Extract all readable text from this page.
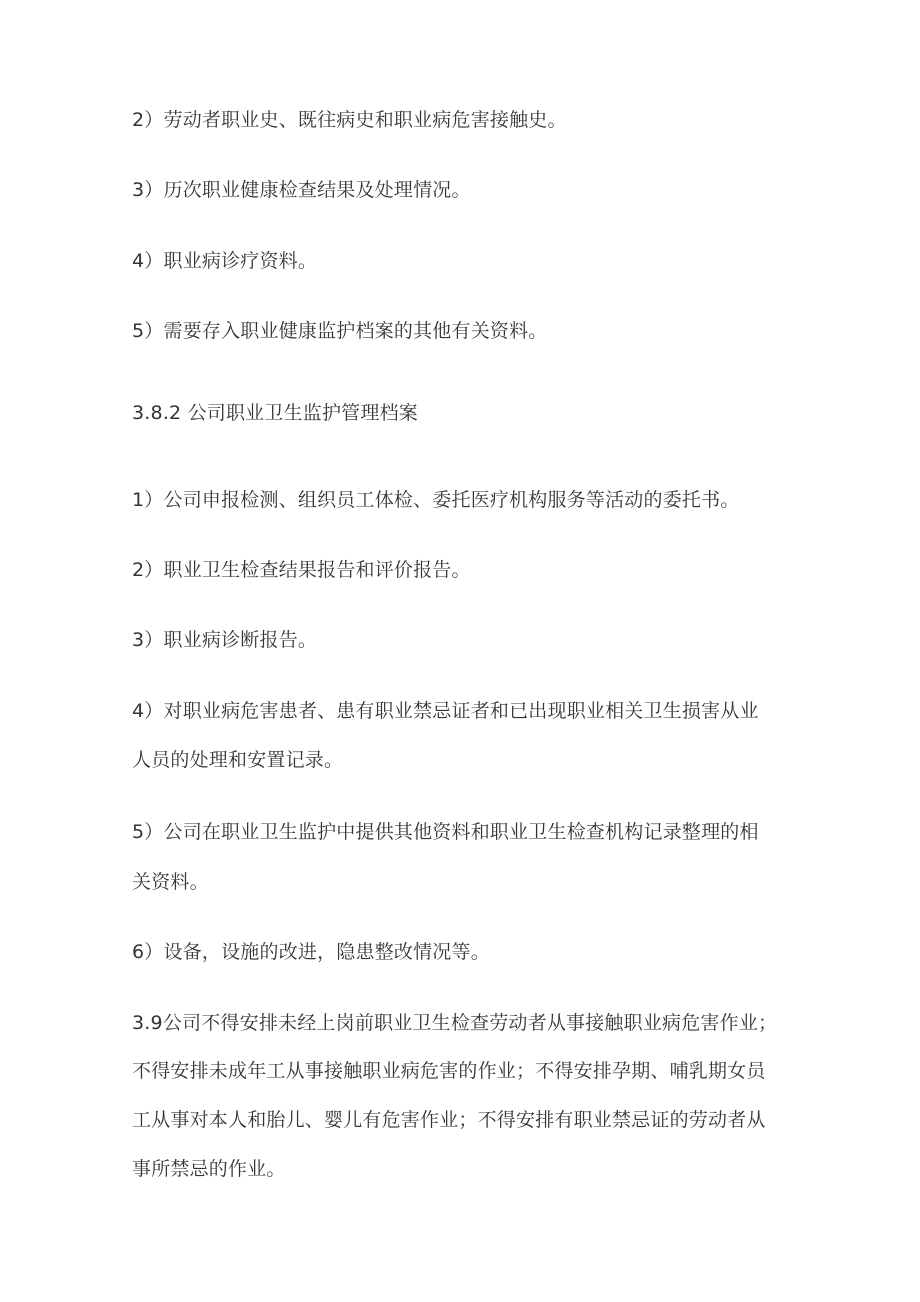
2）劳动者职业史、既往病史和职业病危害接触史。
3）历次职业健康检查结果及处理情况。
4）职业病诊疗资料。
5）需要存入职业健康监护档案的其他有关资料。
3.8.2 公司职业卫生监护管理档案
1）公司申报检测、组织员工体检、委托医疗机构服务等活动的委托书。
2）职业卫生检查结果报告和评价报告。
3）职业病诊断报告。
4）对职业病危害患者、患有职业禁忌证者和已出现职业相关卫生损害从业
人员的处理和安置记录。
5）公司在职业卫生监护中提供其他资料和职业卫生检查机构记录整理的相
关资料。
6）设备，设施的改进，隐患整改情况等。
3.9公司不得安排未经上岗前职业卫生检查劳动者从事接触职业病危害作业；
不得安排未成年工从事接触职业病危害的作业；不得安排孕期、哺乳期女员
工从事对本人和胎儿、婴儿有危害作业；不得安排有职业禁忌证的劳动者从
事所禁忌的作业。
